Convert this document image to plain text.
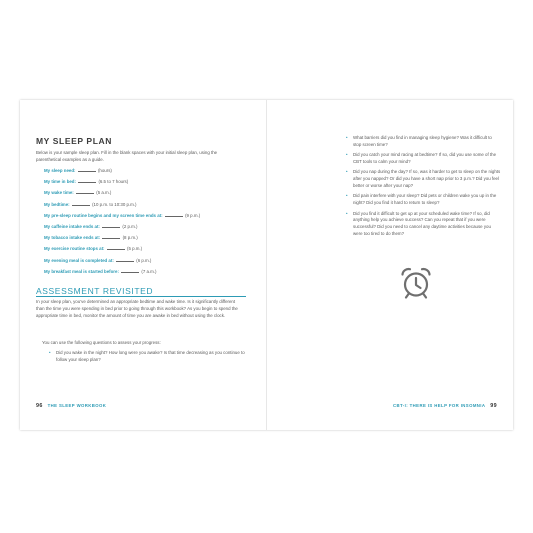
MY SLEEP PLAN
Below is your sample sleep plan. Fill in the blank spaces with your initial sleep plan, using the parenthetical examples as a guide.
My sleep need:	(hours)
My time in bed:	(6.5 to 7 hours)
My wake time:	(5 a.m.)
My bedtime:	(10 p.m. to 10:30 p.m.)
My pre-sleep routine begins and my screen time ends at:	(9 p.m.)
My caffeine intake ends at:	(2 p.m.)
My tobacco intake ends at:	(8 p.m.)
My exercise routine stops at:	(5 p.m.)
My evening meal is completed at:	(6 p.m.)
My breakfast meal is started before:	(7 a.m.)
ASSESSMENT REVISITED
In your sleep plan, you’ve determined an appropriate bedtime and wake time. Is it significantly different than the time you were spending in bed prior to going through this workbook? As you begin to spend the appropriate time in bed, monitor the amount of time you are awake in bed without using the clock.
You can use the following questions to assess your progress:
• Did you wake in the night? How long were you awake? Is that time decreasing as you continue to follow your sleep plan?
96 THE SLEEP WORKBOOK
• What barriers did you find in managing sleep hygiene? Was it difficult to stop screen time?
• Did you catch your mind racing at bedtime? If so, did you use some of the CBT tools to calm your mind?
• Did you nap during the day? If so, was it harder to get to sleep on the nights after you napped? Or did you have a short nap prior to 3 p.m.? Did you feel better or worse after your nap?
• Did pain interfere with your sleep? Did pets or children wake you up in the night? Did you find it hard to return to sleep?
• Did you find it difficult to get up at your scheduled wake time? If so, did anything help you achieve success? Can you repeat that if you were successful? Did you need to cancel any daytime activities because you were too tired to do them?
CBT-I: THERE IS HELP FOR INSOMNIA 99
